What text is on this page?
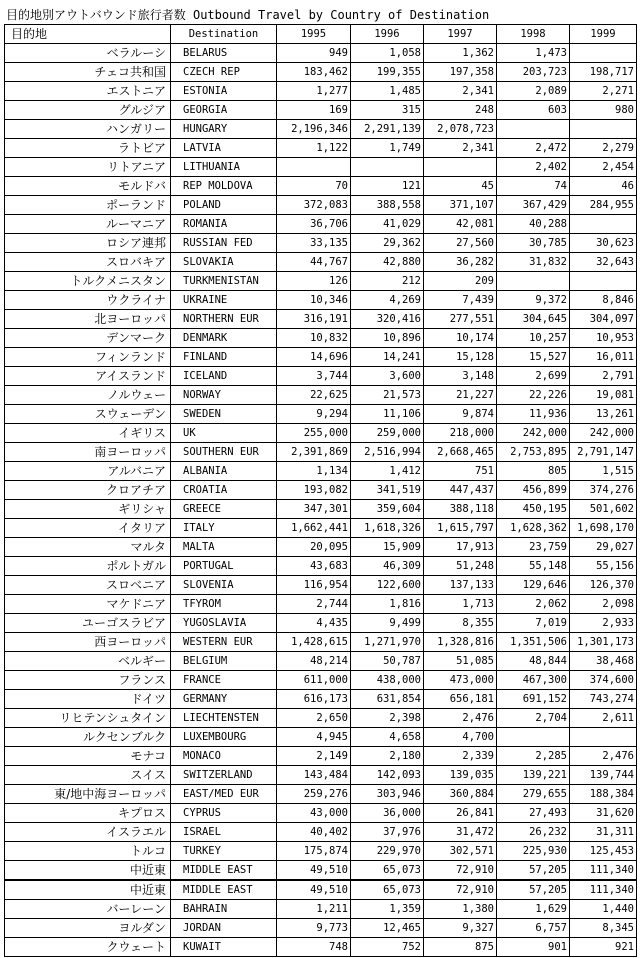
目的地別アウトバウンド旅行者数 Outbound Travel by Country of Destination
目的地	Destination	1995	1996	1997	1998	1999
ベラルーシ	BELARUS	949	1,058	1,362	1,473	
チェコ共和国	CZECH REP	183,462	199,355	197,358	203,723	198,717
エストニア	ESTONIA	1,277	1,485	2,341	2,089	2,271
グルジア	GEORGIA	169	315	248	603	980
ハンガリー	HUNGARY	2,196,346	2,291,139	2,078,723		
ラトビア	LATVIA	1,122	1,749	2,341	2,472	2,279
リトアニア	LITHUANIA				2,402	2,454
モルドバ	REP MOLDOVA	70	121	45	74	46
ポーランド	POLAND	372,083	388,558	371,107	367,429	284,955
ルーマニア	ROMANIA	36,706	41,029	42,081	40,288	
ロシア連邦	RUSSIAN FED	33,135	29,362	27,560	30,785	30,623
スロバキア	SLOVAKIA	44,767	42,880	36,282	31,832	32,643
トルクメニスタン	TURKMENISTAN	126	212	209		
ウクライナ	UKRAINE	10,346	4,269	7,439	9,372	8,846
北ヨーロッパ	NORTHERN EUR	316,191	320,416	277,551	304,645	304,097
デンマーク	DENMARK	10,832	10,896	10,174	10,257	10,953
フィンランド	FINLAND	14,696	14,241	15,128	15,527	16,011
アイスランド	ICELAND	3,744	3,600	3,148	2,699	2,791
ノルウェー	NORWAY	22,625	21,573	21,227	22,226	19,081
スウェーデン	SWEDEN	9,294	11,106	9,874	11,936	13,261
イギリス	UK	255,000	259,000	218,000	242,000	242,000
南ヨーロッパ	SOUTHERN EUR	2,391,869	2,516,994	2,668,465	2,753,895	2,791,147
アルバニア	ALBANIA	1,134	1,412	751	805	1,515
クロアチア	CROATIA	193,082	341,519	447,437	456,899	374,276
ギリシャ	GREECE	347,301	359,604	388,118	450,195	501,602
イタリア	ITALY	1,662,441	1,618,326	1,615,797	1,628,362	1,698,170
マルタ	MALTA	20,095	15,909	17,913	23,759	29,027
ポルトガル	PORTUGAL	43,683	46,309	51,248	55,148	55,156
スロベニア	SLOVENIA	116,954	122,600	137,133	129,646	126,370
マケドニア	TFYROM	2,744	1,816	1,713	2,062	2,098
ユーゴスラビア	YUGOSLAVIA	4,435	9,499	8,355	7,019	2,933
西ヨーロッパ	WESTERN EUR	1,428,615	1,271,970	1,328,816	1,351,506	1,301,173
ベルギー	BELGIUM	48,214	50,787	51,085	48,844	38,468
フランス	FRANCE	611,000	438,000	473,000	467,300	374,600
ドイツ	GERMANY	616,173	631,854	656,181	691,152	743,274
リヒテンシュタイン	LIECHTENSTEN	2,650	2,398	2,476	2,704	2,611
ルクセンブルク	LUXEMBOURG	4,945	4,658	4,700		
モナコ	MONACO	2,149	2,180	2,339	2,285	2,476
スイス	SWITZERLAND	143,484	142,093	139,035	139,221	139,744
東/地中海ヨーロッパ	EAST/MED EUR	259,276	303,946	360,884	279,655	188,384
キプロス	CYPRUS	43,000	36,000	26,841	27,493	31,620
イスラエル	ISRAEL	40,402	37,976	31,472	26,232	31,311
トルコ	TURKEY	175,874	229,970	302,571	225,930	125,453
中近東	MIDDLE EAST	49,510	65,073	72,910	57,205	111,340
中近東	MIDDLE EAST	49,510	65,073	72,910	57,205	111,340
バーレーン	BAHRAIN	1,211	1,359	1,380	1,629	1,440
ヨルダン	JORDAN	9,773	12,465	9,327	6,757	8,345
クウェート	KUWAIT	748	752	875	901	921
